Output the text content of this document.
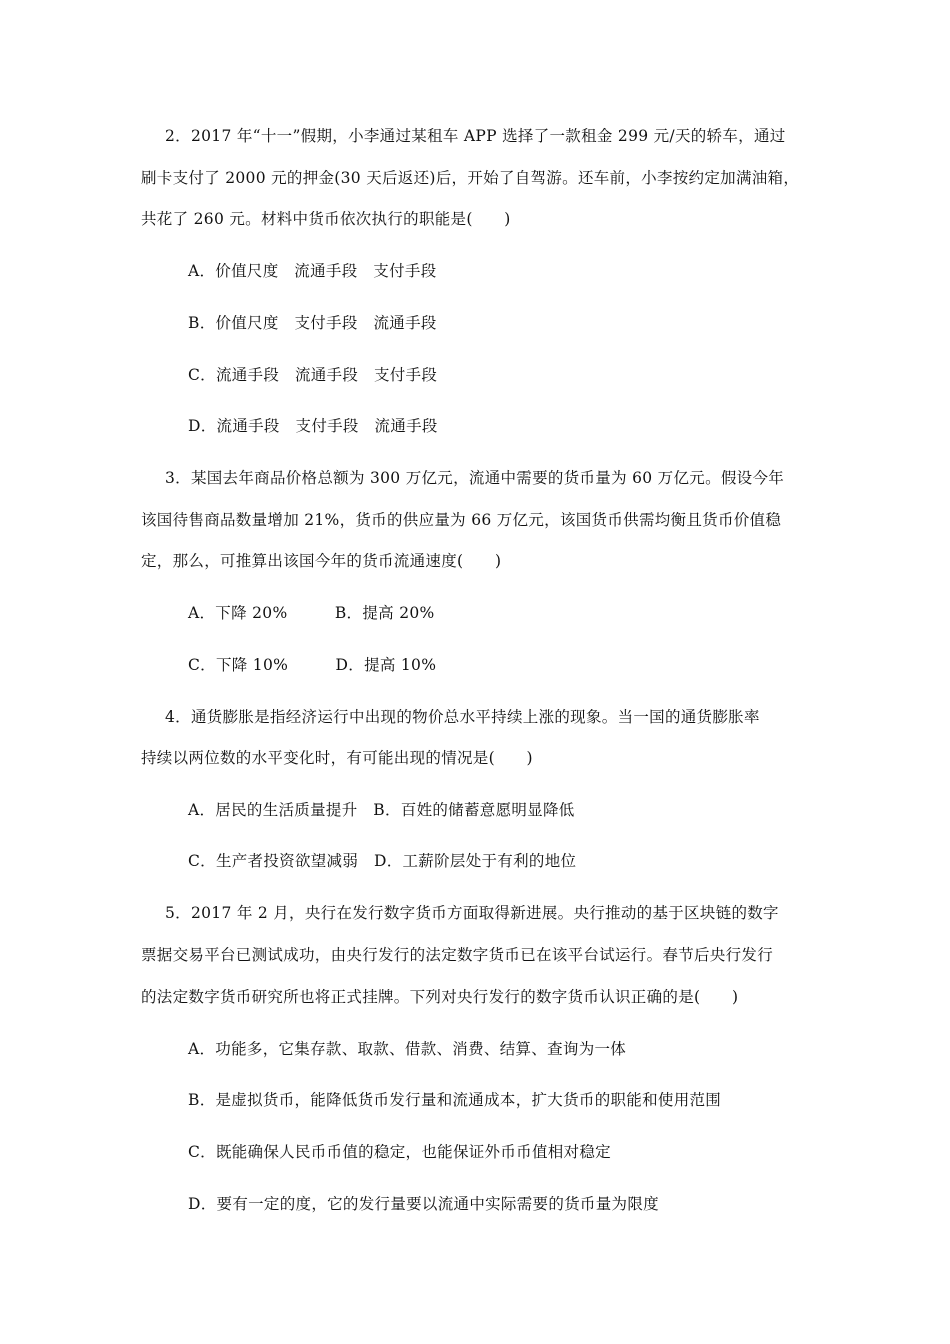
2．2017 年“十一”假期，小李通过某租车 APP 选择了一款租金 299 元/天的轿车，通过
刷卡支付了 2000 元的押金(30 天后返还)后，开始了自驾游。还车前，小李按约定加满油箱，
共花了 260 元。材料中货币依次执行的职能是(　　)
A．价值尺度　流通手段　支付手段
B．价值尺度　支付手段　流通手段
C．流通手段　流通手段　支付手段
D．流通手段　支付手段　流通手段
3．某国去年商品价格总额为 300 万亿元，流通中需要的货币量为 60 万亿元。假设今年
该国待售商品数量增加 21%，货币的供应量为 66 万亿元，该国货币供需均衡且货币价值稳
定，那么，可推算出该国今年的货币流通速度(　　)
A．下降 20%　　　B．提高 20%
C．下降 10%　　　D．提高 10%
4．通货膨胀是指经济运行中出现的物价总水平持续上涨的现象。当一国的通货膨胀率
持续以两位数的水平变化时，有可能出现的情况是(　　)
A．居民的生活质量提升　B．百姓的储蓄意愿明显降低
C．生产者投资欲望减弱　D．工薪阶层处于有利的地位
5．2017 年 2 月，央行在发行数字货币方面取得新进展。央行推动的基于区块链的数字
票据交易平台已测试成功，由央行发行的法定数字货币已在该平台试运行。春节后央行发行
的法定数字货币研究所也将正式挂牌。下列对央行发行的数字货币认识正确的是(　　)
A．功能多，它集存款、取款、借款、消费、结算、查询为一体
B．是虚拟货币，能降低货币发行量和流通成本，扩大货币的职能和使用范围
C．既能确保人民币币值的稳定，也能保证外币币值相对稳定
D．要有一定的度，它的发行量要以流通中实际需要的货币量为限度
